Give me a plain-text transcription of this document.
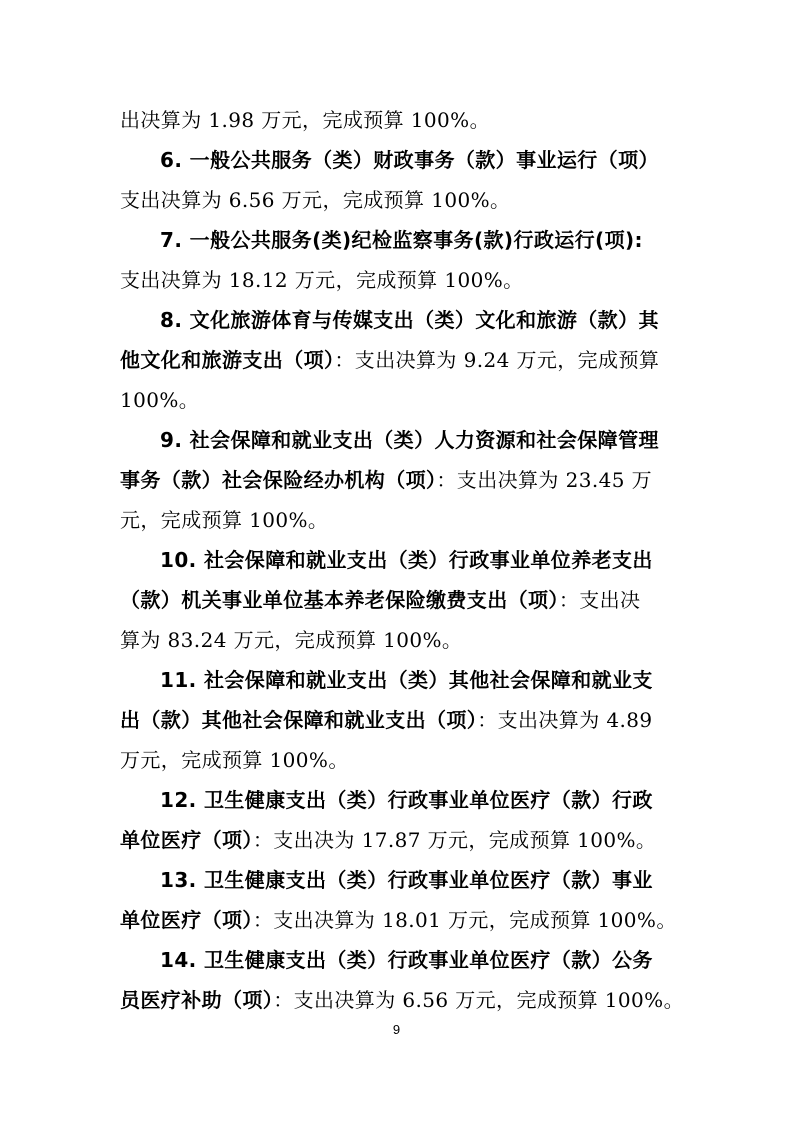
出决算为 1.98 万元，完成预算 100%。
6. 一般公共服务（类）财政事务（款）事业运行（项）
支出决算为 6.56 万元，完成预算 100%。
7. 一般公共服务(类)纪检监察事务(款)行政运行(项):
支出决算为 18.12 万元，完成预算 100%。
8. 文化旅游体育与传媒支出（类）文化和旅游（款）其
他文化和旅游支出（项）：支出决算为 9.24 万元，完成预算
100%。
9. 社会保障和就业支出（类）人力资源和社会保障管理
事务（款）社会保险经办机构（项）：支出决算为 23.45 万
元，完成预算 100%。
10. 社会保障和就业支出（类）行政事业单位养老支出
（款）机关事业单位基本养老保险缴费支出（项）：支出决
算为 83.24 万元，完成预算 100%。
11. 社会保障和就业支出（类）其他社会保障和就业支
出（款）其他社会保障和就业支出（项）：支出决算为 4.89
万元，完成预算 100%。
12. 卫生健康支出（类）行政事业单位医疗（款）行政
单位医疗（项）：支出决为 17.87 万元，完成预算 100%。
13. 卫生健康支出（类）行政事业单位医疗（款）事业
单位医疗（项）：支出决算为 18.01 万元，完成预算 100%。
14. 卫生健康支出（类）行政事业单位医疗（款）公务
员医疗补助（项）：支出决算为 6.56 万元，完成预算 100%。
9
